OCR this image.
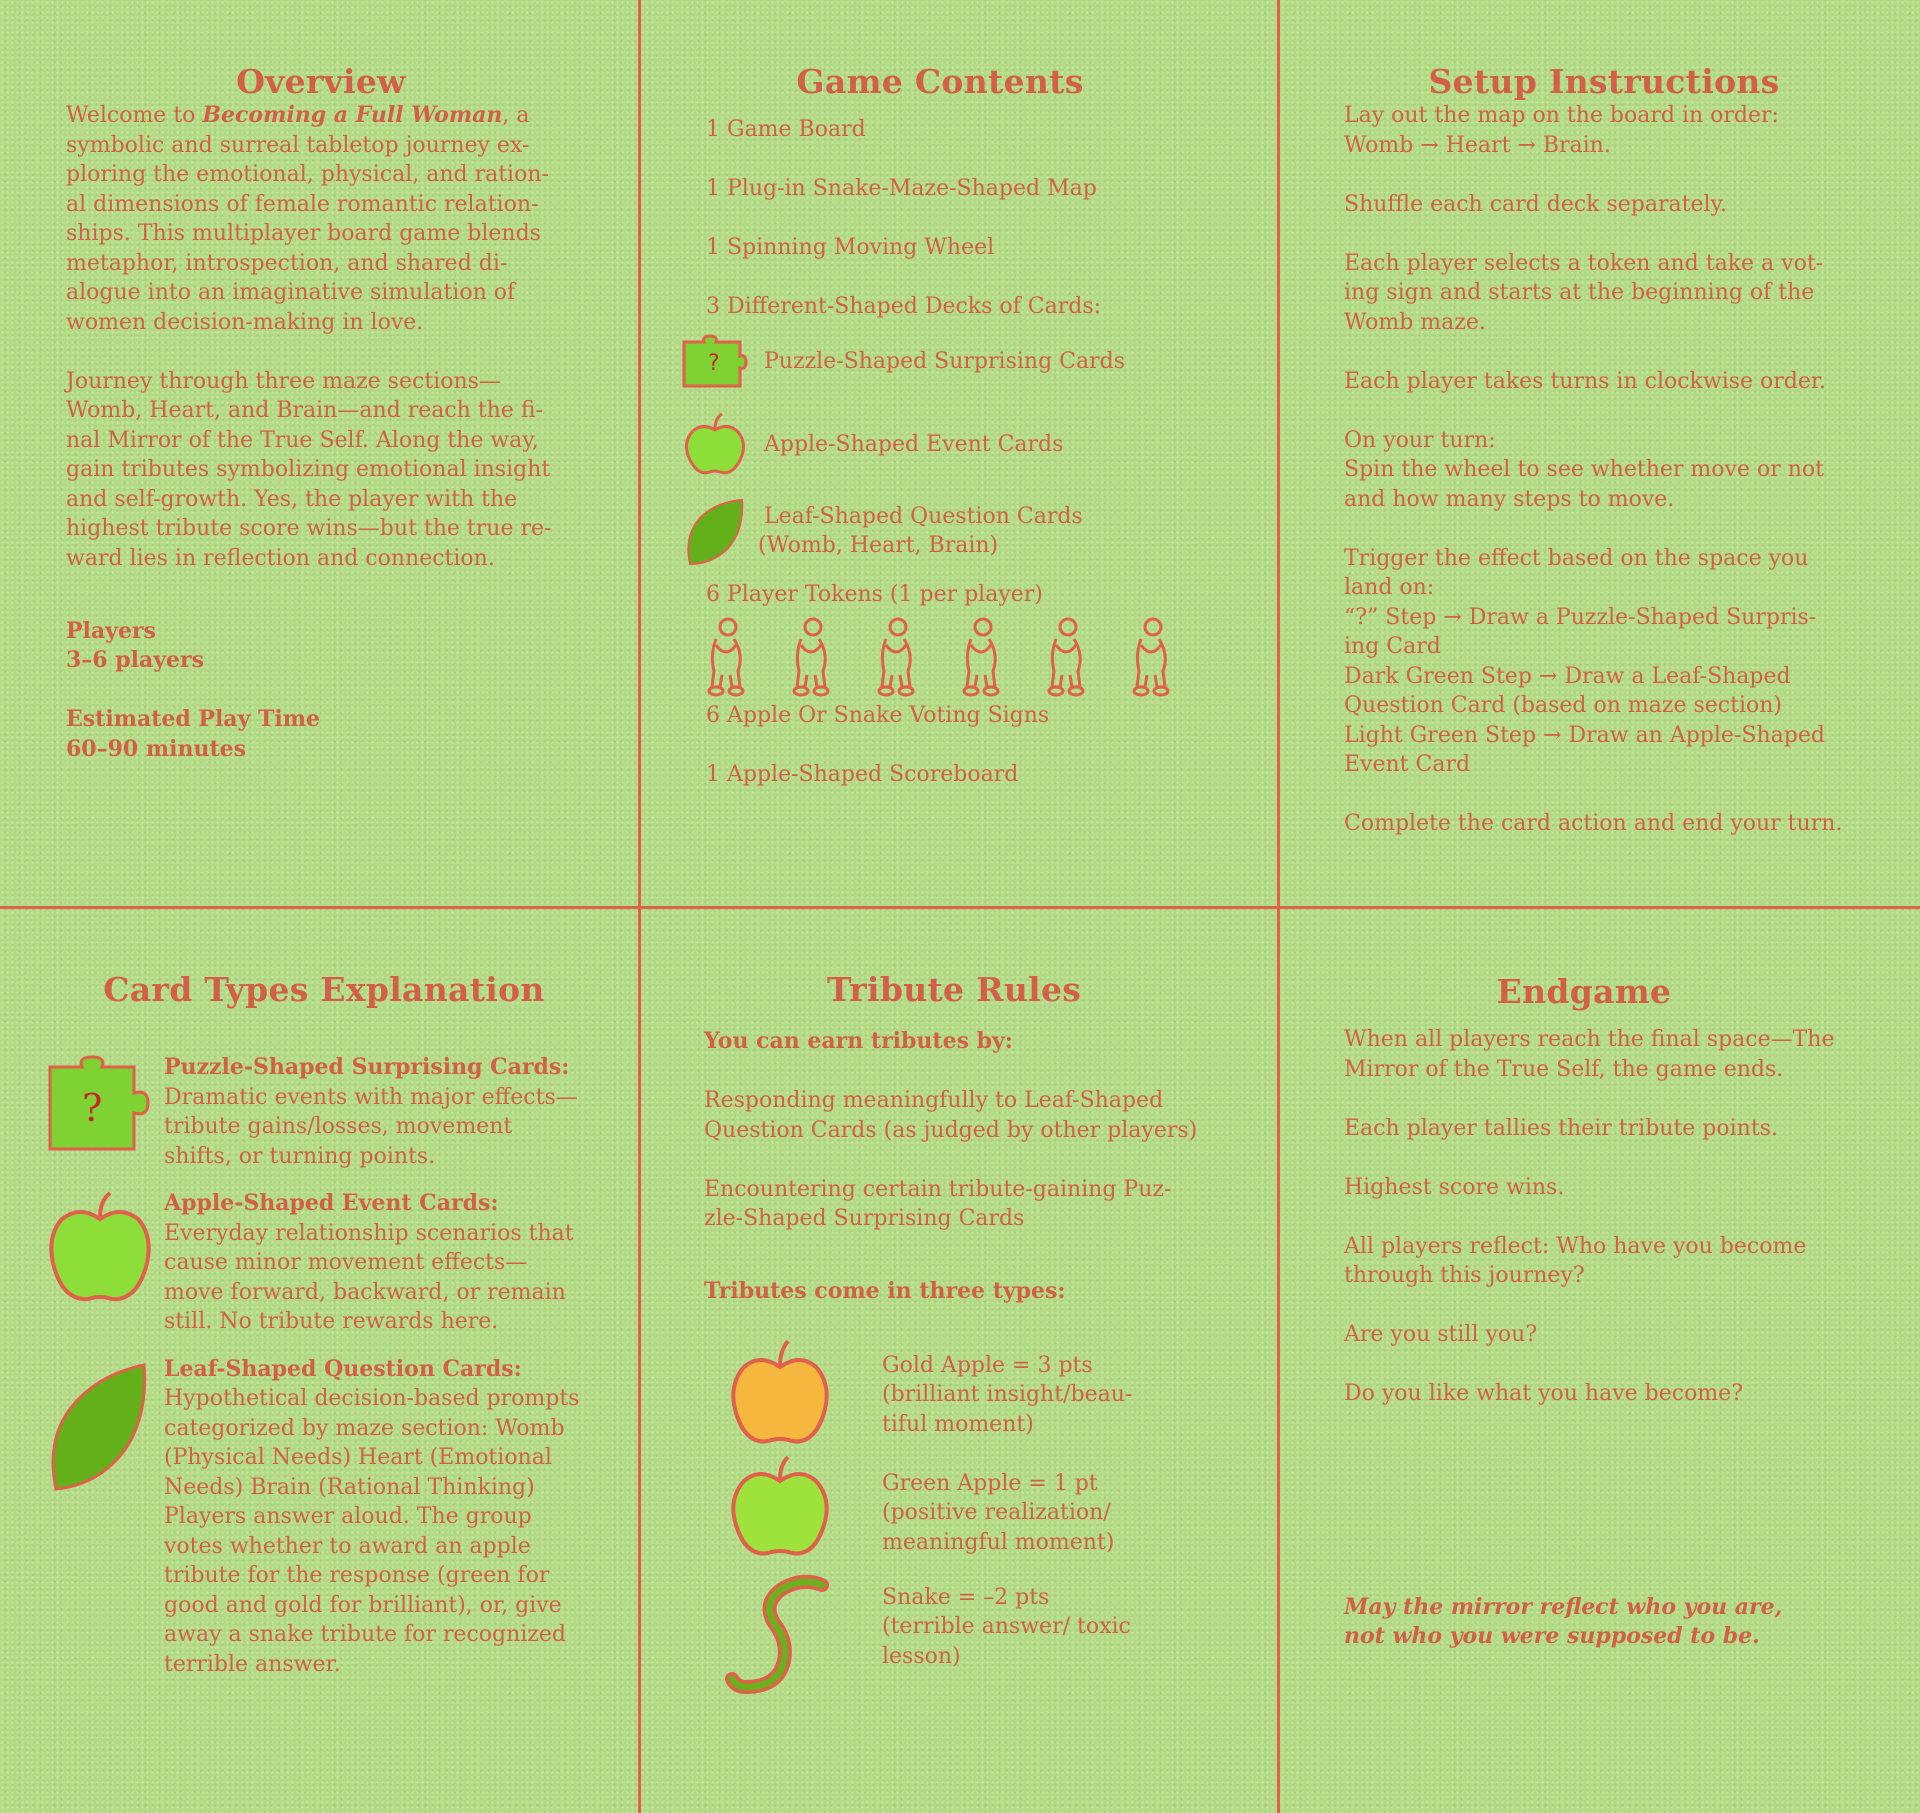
Overview

Welcome to Becoming a Full Woman, a
symbolic and surreal tabletop journey ex-
ploring the emotional, physical, and ration-
al dimensions of female romantic relation-
ships. This multiplayer board game blends
metaphor, introspection, and shared di-
alogue into an imaginative simulation of
women decision-making in love.

Journey through three maze sections—
Womb, Heart, and Brain—and reach the fi-
nal Mirror of the True Self. Along the way,
gain tributes symbolizing emotional insight
and self-growth. Yes, the player with the
highest tribute score wins—but the true re-
ward lies in reflection and connection.

Players

3–6 players

Estimated Play Time

60–90 minutes

Game Contents

1 Game Board

1 Plug-in Snake-Maze-Shaped Map

1 Spinning Moving Wheel

3 Different-Shaped Decks of Cards:

? Puzzle-Shaped Surprising Cards
Apple-Shaped Event Cards

Leaf-Shaped Question Cards

(Womb, Heart, Brain)

6 Player Tokens (1 per player)

6 Apple Or Snake Voting Signs

1 Apple-Shaped Scoreboard

Setup Instructions

Lay out the map on the board in order:

Womb → Heart → Brain.

Shuffle each card deck separately.

Each player selects a token and take a vot-

ing sign and starts at the beginning of the

Womb maze.

Each player takes turns in clockwise order.

On your turn:

Spin the wheel to see whether move or not

and how many steps to move.

Trigger the effect based on the space you

land on:

“?” Step → Draw a Puzzle-Shaped Surpris-

ing Card

Dark Green Step → Draw a Leaf-Shaped

Question Card (based on maze section)

Light Green Step → Draw an Apple-Shaped

Event Card

Complete the card action and end your turn.

Card Types Explanation
?

Puzzle-Shaped Surprising Cards:

Dramatic events with major effects—

tribute gains/losses, movement

shifts, or turning points.

Apple-Shaped Event Cards:

Everyday relationship scenarios that

cause minor movement effects—

move forward, backward, or remain

still. No tribute rewards here.

Leaf-Shaped Question Cards:

Hypothetical decision-based prompts

categorized by maze section: Womb

(Physical Needs) Heart (Emotional

Needs) Brain (Rational Thinking)

Players answer aloud. The group

votes whether to award an apple

tribute for the response (green for

good and gold for brilliant), or, give

away a snake tribute for recognized

terrible answer.

Tribute Rules

You can earn tributes by:

Responding meaningfully to Leaf-Shaped

Question Cards (as judged by other players)

Encountering certain tribute-gaining Puz-

zle-Shaped Surprising Cards

Tributes come in three types:

Gold Apple = 3 pts

(brilliant insight/beau-

tiful moment)

Green Apple = 1 pt

(positive realization/

meaningful moment)

Snake = –2 pts

(terrible answer/ toxic

lesson)

Endgame

When all players reach the final space—The

Mirror of the True Self, the game ends.

Each player tallies their tribute points.

Highest score wins.

All players reflect: Who have you become

through this journey?

Are you still you?

Do you like what you have become?

May the mirror reflect who you are,

not who you were supposed to be.
